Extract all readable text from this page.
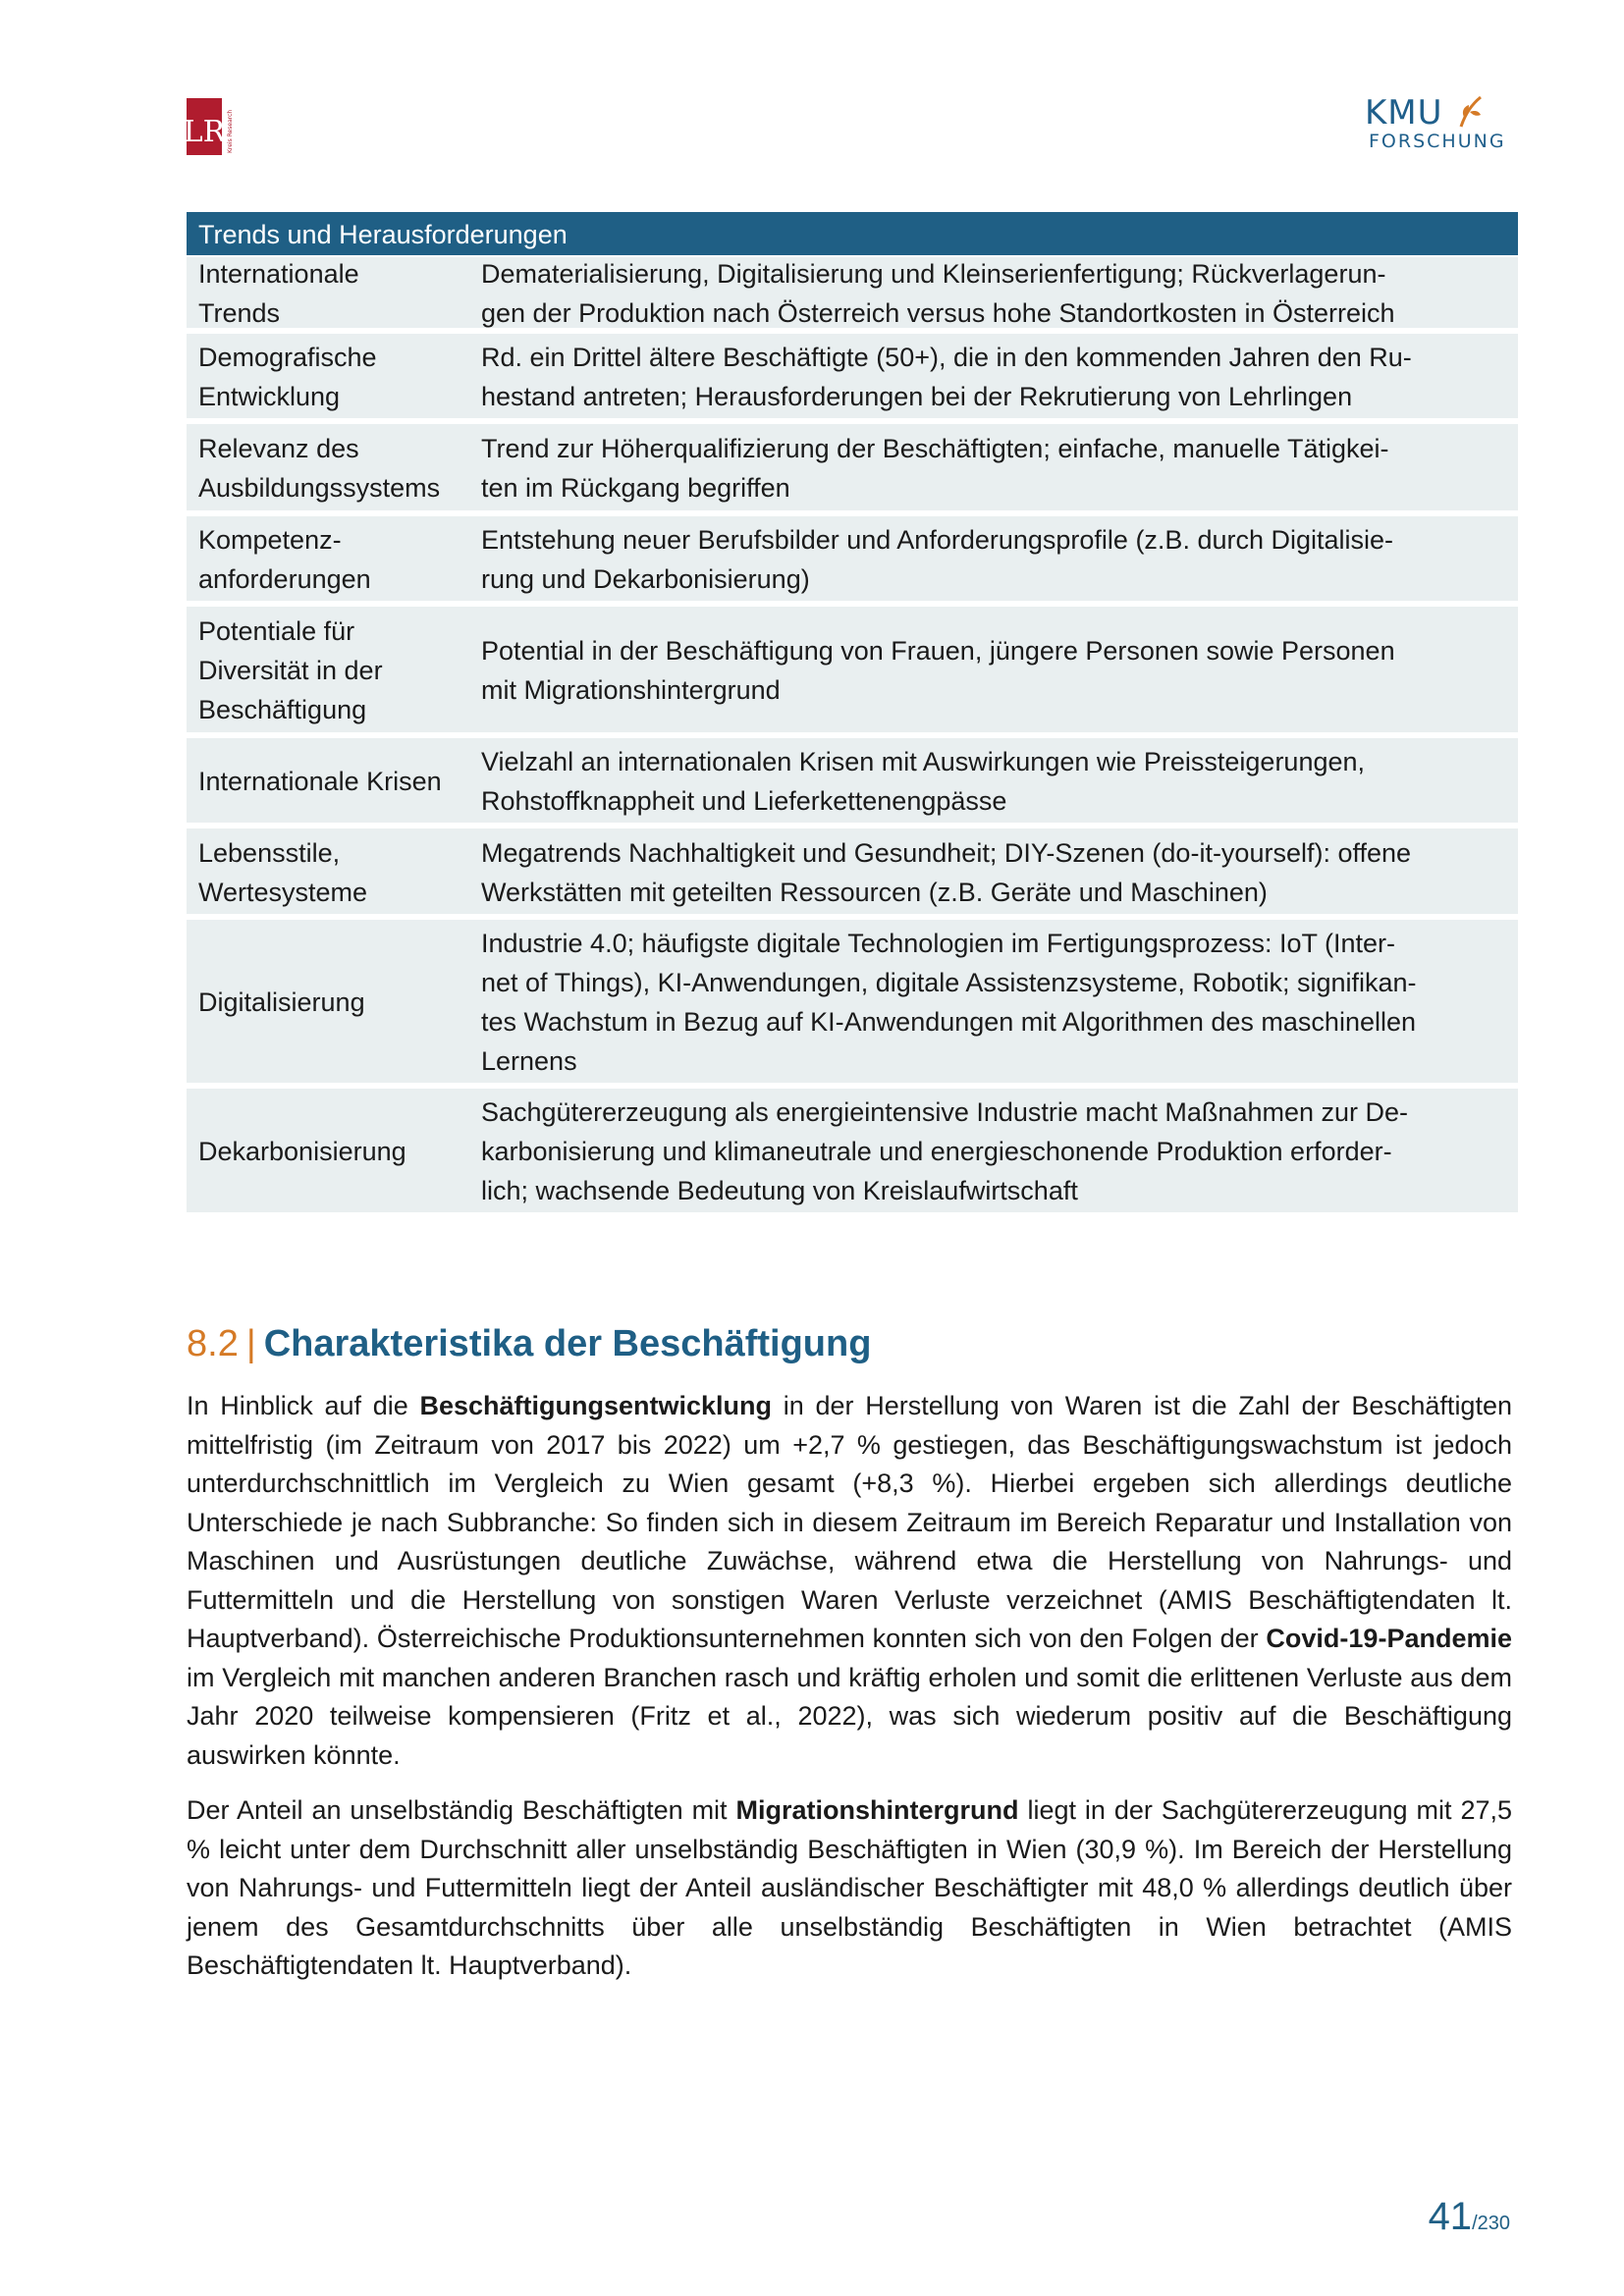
LR Kreis Research	KMU
FORSCHUNG
Trends und Herausforderungen
Internationale
Trends
Dematerialisierung, Digitalisierung und Kleinserienfertigung; Rückverlagerun-
gen der Produktion nach Österreich versus hohe Standortkosten in Österreich
Demografische
Entwicklung
Rd. ein Drittel ältere Beschäftigte (50+), die in den kommenden Jahren den Ru-
hestand antreten; Herausforderungen bei der Rekrutierung von Lehrlingen
Relevanz des
Ausbildungssystems
Trend zur Höherqualifizierung der Beschäftigten; einfache, manuelle Tätigkei-
ten im Rückgang begriffen
Kompetenz-
anforderungen
Entstehung neuer Berufsbilder und Anforderungsprofile (z.B. durch Digitalisie-
rung und Dekarbonisierung)
Potentiale für
Diversität in der
Beschäftigung
Potential in der Beschäftigung von Frauen, jüngere Personen sowie Personen
mit Migrationshintergrund
Internationale Krisen
Vielzahl an internationalen Krisen mit Auswirkungen wie Preissteigerungen,
Rohstoffknappheit und Lieferkettenengpässe
Lebensstile,
Wertesysteme
Megatrends Nachhaltigkeit und Gesundheit; DIY-Szenen (do-it-yourself): offene
Werkstätten mit geteilten Ressourcen (z.B. Geräte und Maschinen)
Digitalisierung
Industrie 4.0; häufigste digitale Technologien im Fertigungsprozess: IoT (Inter-
net of Things), KI-Anwendungen, digitale Assistenzsysteme, Robotik; signifikan-
tes Wachstum in Bezug auf KI-Anwendungen mit Algorithmen des maschinellen
Lernens
Dekarbonisierung
Sachgütererzeugung als energieintensive Industrie macht Maßnahmen zur De-
karbonisierung und klimaneutrale und energieschonende Produktion erforder-
lich; wachsende Bedeutung von Kreislaufwirtschaft
8.2 | Charakteristika der Beschäftigung

In Hinblick auf die Beschäftigungsentwicklung in der Herstellung von Waren ist die Zahl der Beschäftigten mittelfristig (im Zeitraum von 2017 bis 2022) um +2,7 % gestiegen, das Beschäftigungswachstum ist jedoch unterdurchschnittlich im Vergleich zu Wien gesamt (+8,3 %). Hierbei ergeben sich allerdings deutliche Unterschiede je nach Subbranche: So finden sich in diesem Zeitraum im Bereich Reparatur und Installation von Maschinen und Ausrüstungen deutliche Zuwächse, während etwa die Herstellung von Nahrungs- und Futtermitteln und die Herstellung von sonstigen Waren Verluste verzeichnet (AMIS Beschäftigtendaten lt. Hauptverband). Österreichische Produktionsunternehmen konnten sich von den Folgen der Covid-19-Pandemie im Vergleich mit manchen anderen Branchen rasch und kräftig erholen und somit die erlittenen Verluste aus dem Jahr 2020 teilweise kompensieren (Fritz et al., 2022), was sich wiederum positiv auf die Beschäftigung auswirken könnte.

Der Anteil an unselbständig Beschäftigten mit Migrationshintergrund liegt in der Sachgütererzeugung mit 27,5 % leicht unter dem Durchschnitt aller unselbständig Beschäftigten in Wien (30,9 %). Im Bereich der Herstellung von Nahrungs- und Futtermitteln liegt der Anteil ausländischer Beschäftigter mit 48,0 % allerdings deutlich über jenem des Gesamtdurchschnitts über alle unselbständig Beschäftigten in Wien betrachtet (AMIS Beschäftigtendaten lt. Hauptverband).

41/230
